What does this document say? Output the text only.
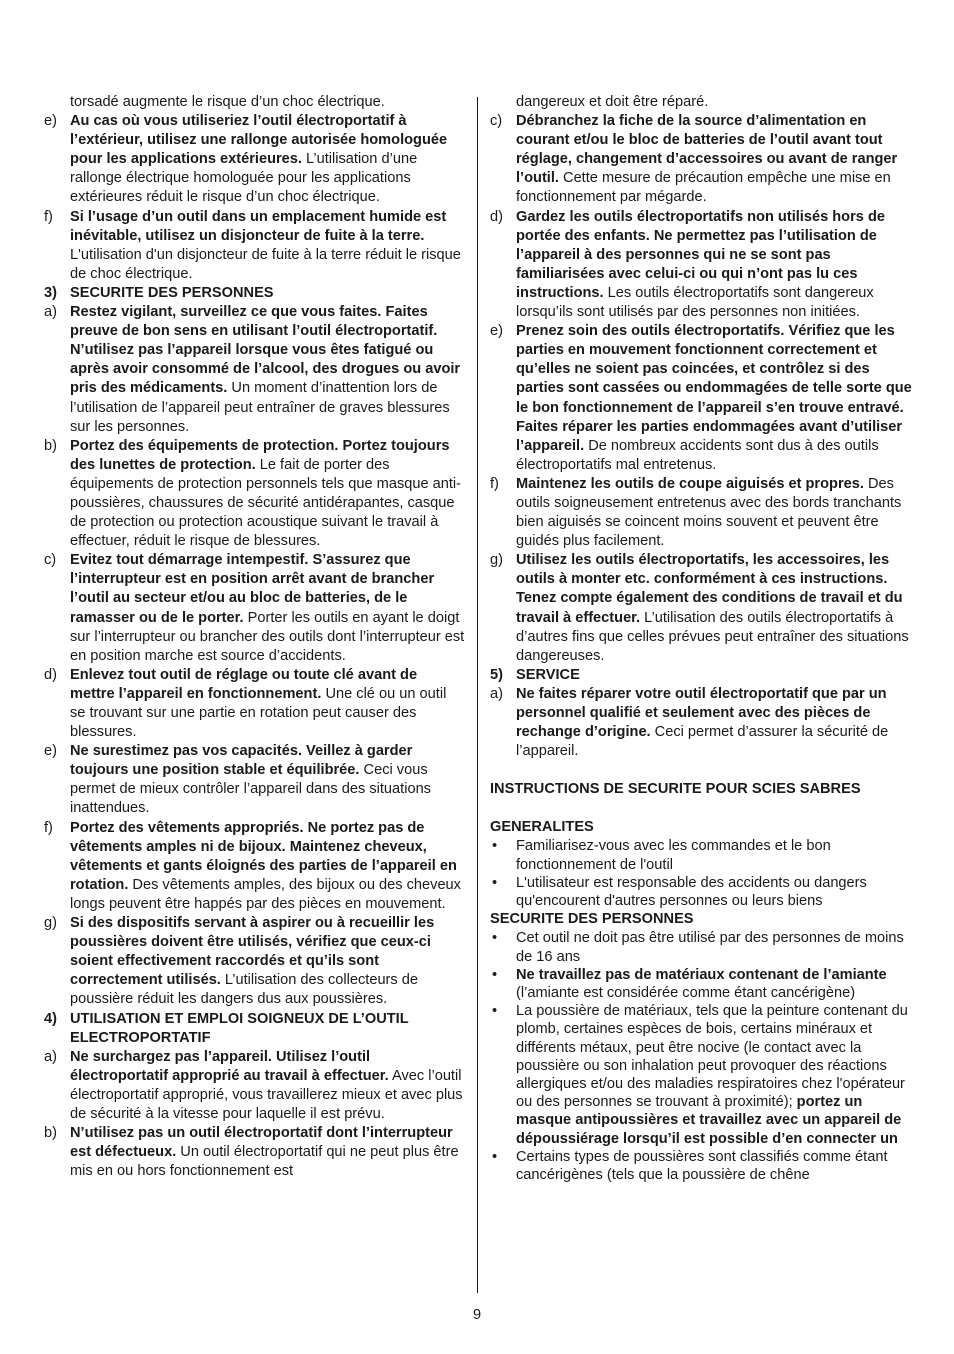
torsadé augmente le risque d’un choc électrique.
e) Au cas où vous utiliseriez l’outil électroportatif à l’extérieur, utilisez une rallonge autorisée homologuée pour les applications extérieures. L’utilisation d’une rallonge électrique homologuée pour les applications extérieures réduit le risque d’un choc électrique.
f)	Si l’usage d’un outil dans un emplacement humide est inévitable, utilisez un disjoncteur de fuite à la terre. L'utilisation d'un disjoncteur de fuite à la terre réduit le risque de choc électrique.
3) SECURITE DES PERSONNES
a) Restez vigilant, surveillez ce que vous faites. Faites preuve de bon sens en utilisant l’outil électroportatif. N’utilisez pas l’appareil lorsque vous êtes fatigué ou après avoir consommé de l’alcool, des drogues ou avoir pris des médicaments. Un moment d’inattention lors de l’utilisation de l’appareil peut entraîner de graves blessures sur les personnes.
b) Portez des équipements de protection. Portez toujours des lunettes de protection. Le fait de porter des équipements de protection personnels tels que masque anti-poussières, chaussures de sécurité antidérapantes, casque de protection ou protection acoustique suivant le travail à effectuer, réduit le risque de blessures.
c) Evitez tout démarrage intempestif. S’assurez que l’interrupteur est en position arrêt avant de brancher l’outil au secteur et/ou au bloc de batteries, de le ramasser ou de le porter. Porter les outils en ayant le doigt sur l’interrupteur ou brancher des outils dont l’interrupteur est en position marche est source d’accidents.
d) Enlevez tout outil de réglage ou toute clé avant de mettre l’appareil en fonctionnement. Une clé ou un outil se trouvant sur une partie en rotation peut causer des blessures.
e) Ne surestimez pas vos capacités. Veillez à garder toujours une position stable et équilibrée. Ceci vous permet de mieux contrôler l’appareil dans des situations inattendues.
f)	Portez des vêtements appropriés. Ne portez pas de vêtements amples ni de bijoux. Maintenez cheveux, vêtements et gants éloignés des parties de l’appareil en rotation. Des vêtements amples, des bijoux ou des cheveux longs peuvent être happés par des pièces en mouvement.
g) Si des dispositifs servant à aspirer ou à recueillir les poussières doivent être utilisés, vérifiez que ceux-ci soient effectivement raccordés et qu’ils sont correctement utilisés. L’utilisation des collecteurs de poussière réduit les dangers dus aux poussières.
4) UTILISATION ET EMPLOI SOIGNEUX DE L’OUTIL ELECTROPORTATIF
a) Ne surchargez pas l’appareil. Utilisez l’outil électroportatif approprié au travail à effectuer. Avec l’outil électroportatif approprié, vous travaillerez mieux et avec plus de sécurité à la vitesse pour laquelle il est prévu.
b) N’utilisez pas un outil électroportatif dont l’interrupteur est défectueux. Un outil électroportatif qui ne peut plus être mis en ou hors fonctionnement est
dangereux et doit être réparé.
c) Débranchez la fiche de la source d’alimentation en courant et/ou le bloc de batteries de l’outil avant tout réglage, changement d’accessoires ou avant de ranger l’outil. Cette mesure de précaution empêche une mise en fonctionnement par mégarde.
d) Gardez les outils électroportatifs non utilisés hors de portée des enfants. Ne permettez pas l’utilisation de l’appareil à des personnes qui ne se sont pas familiarisées avec celui-ci ou qui n’ont pas lu ces instructions. Les outils électroportatifs sont dangereux lorsqu’ils sont utilisés par des personnes non initiées.
e) Prenez soin des outils électroportatifs. Vérifiez que les parties en mouvement fonctionnent correctement et qu’elles ne soient pas coincées, et contrôlez si des parties sont cassées ou endommagées de telle sorte que le bon fonctionnement de l’appareil s’en trouve entravé. Faites réparer les parties endommagées avant d’utiliser l’appareil. De nombreux accidents sont dus à des outils électroportatifs mal entretenus.
f)	Maintenez les outils de coupe aiguisés et propres. Des outils soigneusement entretenus avec des bords tranchants bien aiguisés se coincent moins souvent et peuvent être guidés plus facilement.
g) Utilisez les outils électroportatifs, les accessoires, les outils à monter etc. conformément à ces instructions. Tenez compte également des conditions de travail et du travail à effectuer. L’utilisation des outils électroportatifs à d’autres fins que celles prévues peut entraîner des situations dangereuses.
5) SERVICE
a) Ne faites réparer votre outil électroportatif que par un personnel qualifié et seulement avec des pièces de rechange d’origine. Ceci permet d’assurer la sécurité de l’appareil.
INSTRUCTIONS DE SECURITE POUR SCIES SABRES
GENERALITES
•	Familiarisez-vous avec les commandes et le bon fonctionnement de l'outil
•	L'utilisateur est responsable des accidents ou dangers qu'encourent d'autres personnes ou leurs biens
SECURITE DES PERSONNES
•	Cet outil ne doit pas être utilisé par des personnes de moins de 16 ans
•	Ne travaillez pas de matériaux contenant de l’amiante (l’amiante est considérée comme étant cancérigène)
•	La poussière de matériaux, tels que la peinture contenant du plomb, certaines espèces de bois, certains minéraux et différents métaux, peut être nocive (le contact avec la poussière ou son inhalation peut provoquer des réactions allergiques et/ou des maladies respiratoires chez l'opérateur ou des personnes se trouvant à proximité); portez un masque antipoussières et travaillez avec un appareil de dépoussiérage lorsqu’il est possible d’en connecter un
•	Certains types de poussières sont classifiés comme étant cancérigènes (tels que la poussière de chêne
9
